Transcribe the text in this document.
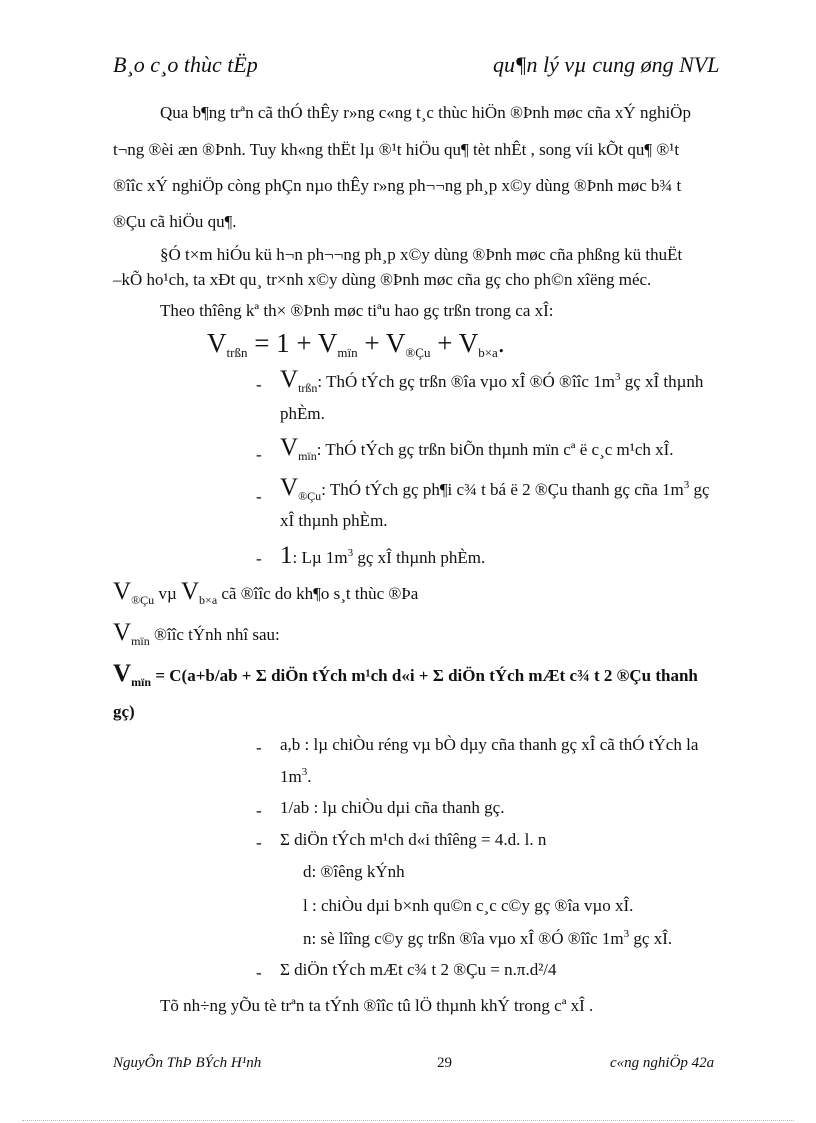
B¸o c¸o thùc tËp	qu¶n lý vµ cung øng NVL
Qua b¶ng trªn cã thÓ thÊy r»ng c«ng t¸c thùc hiÖn ®Þnh møc cña xÝ nghiÖp
t¬ng ®èi æn ®Þnh. Tuy kh«ng thËt lµ ®¹t hiÖu qu¶ tèt nhÊt , song víi kÕt qu¶ ®¹t
®îîc xÝ nghiÖp còng phÇn nµo thÊy r»ng ph¬¬ng ph¸p x©y dùng ®Þnh møc b¾ t
®Çu cã hiÖu qu¶.
§Ó t×m hiÓu kü h¬n ph¬¬ng ph¸p x©y dùng ®Þnh møc cña phßng kü thuËt
–kÕ ho¹ch, ta xÐt qu¸ tr×nh x©y dùng ®Þnh møc cña gç cho ph©n xîëng méc.
Theo thîêng kª th× ®Þnh møc tiªu hao gç trßn trong ca xÎ:
Vtrßn = 1 + Vmïn + V®Çu + Vb×a.
- $V_{trßn}$: ThÓ tÝch gç trßn ®îa vµo xÎ ®Ó ®îîc $1m^3$ gç xÎ thµnh
phÈm.
- $V_{mïn}$: ThÓ tÝch gç trßn biÕn thµnh mïn cª ë c¸c m¹ch xÎ.
- $V_{®Çu}$: ThÓ tÝch gç ph¶i c¾ t bá ë 2 ®Çu thanh gç cña $1m^3$ gç
xÎ thµnh phÈm.
- 1: Lµ $1m^3$ gç xÎ thµnh phÈm.
$V_{®Çu}$ vµ $V_{b\times a}$ cã ®îîc do kh¶o s¸t thùc ®Þa
$V_{mïn}$ ®îîc tÝnh nhî sau:
$V_{mïn} = C(a+b/ab + \Sigma$ diÖn tÝch m¹ch d«i + Σ diÖn tÝch mÆt c¾ t 2 ®Çu thanh
gç)
- a,b : lµ chiÒu réng vµ bÒ dµy cña thanh gç xÎ cã thÓ tÝch la
$1m^3$.
- 1/ab : lµ chiÒu dµi cña thanh gç.
- Σ diÖn tÝch m¹ch d«i thîêng = 4.d. l. n
d: ®îêng kÝnh
l : chiÒu dµi b×nh qu©n c¸c c©y gç ®îa vµo xÎ.
n: sè lîîng c©y gç trßn ®îa vµo xÎ ®Ó ®îîc $1m^3$ gç xÎ.
- Σ diÖn tÝch mÆt c¾ t 2 ®Çu = n.π.d²/4
Tõ nh÷ng yÕu tè trªn ta tÝnh ®îîc tû lÖ thµnh khÝ trong cª xÎ .
NguyÔn ThÞ BÝch H¹nh	29	c«ng nghiÖp 42a
